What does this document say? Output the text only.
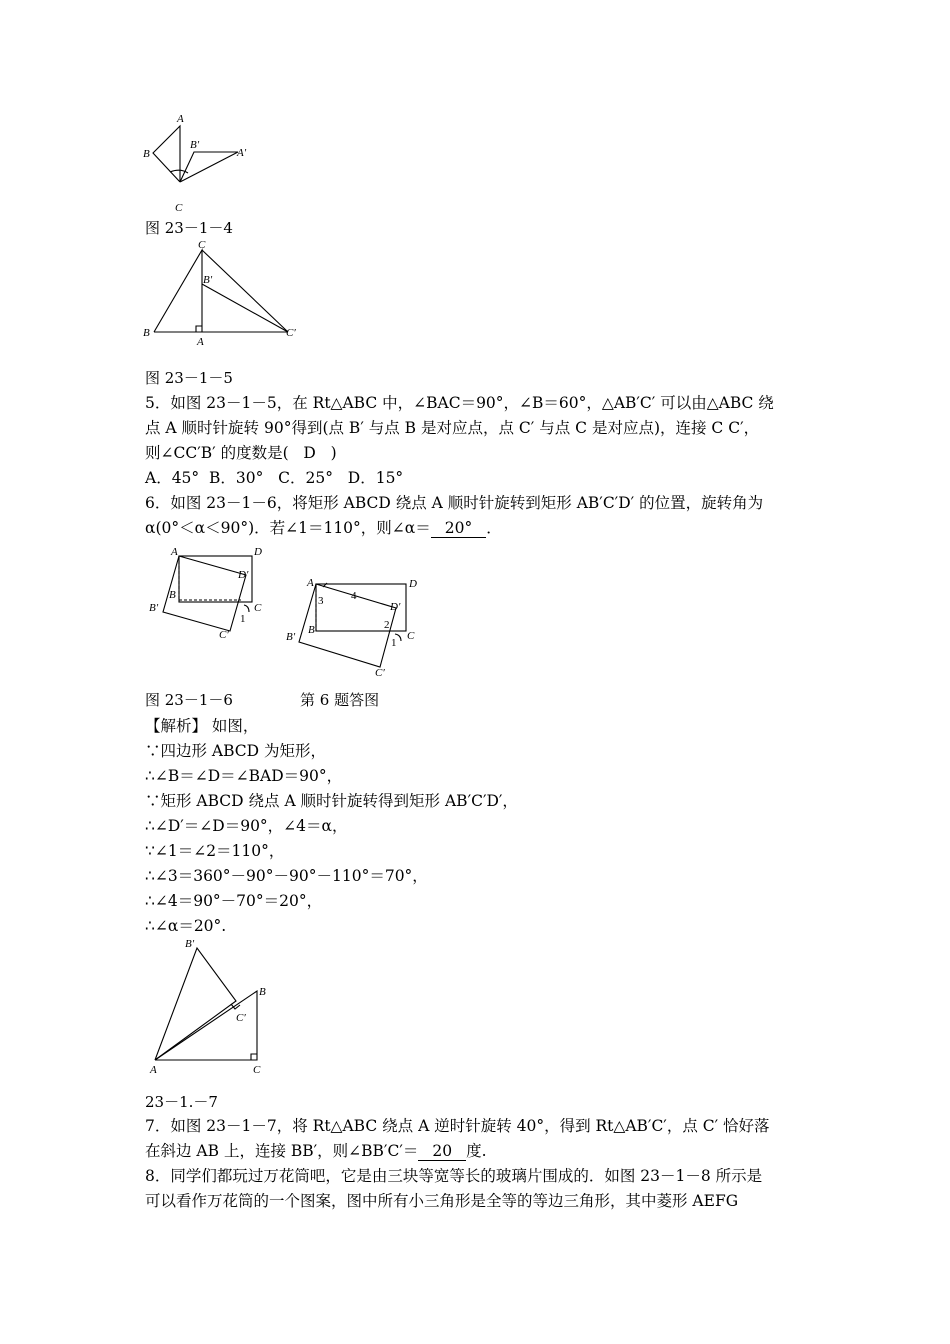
A
B
C
B′
A′
图 23－1－4
C
B′
B
A
C′
图 23－1－5
5．如图 23－1－5，在 Rt△ABC 中，∠BAC＝90°，∠B＝60°，△AB′C′ 可以由△ABC 绕
点 A 顺时针旋转 90°得到(点 B′ 与点 B 是对应点，点 C′ 与点 C 是对应点)，连接 C C′，
则∠CC′B′ 的度数是(   D   )
A．45°  B．30°   C．25°   D．15°
6．如图 23－1－6，将矩形 ABCD 绕点 A 顺时针旋转到矩形 AB′C′D′ 的位置，旋转角为
α(0°＜α＜90°)．若∠1＝110°，则∠α＝ 20° ．
A	D
D′
B
B′	C
1
C′
A	D
4
3	D′
2
B
B′	C
1
C′
图 23－1－6	第 6 题答图
【解析】 如图，
∵四边形 ABCD 为矩形，
∴∠B＝∠D＝∠BAD＝90°，
∵矩形 ABCD 绕点 A 顺时针旋转得到矩形 AB′C′D′，
∴∠D′＝∠D＝90°，∠4＝α，
∵∠1＝∠2＝110°，
∴∠3＝360°－90°－90°－110°＝70°，
∴∠4＝90°－70°＝20°，
∴∠α＝20°.
B′
B
C′
A	C
23－1.－7
7．如图 23－1－7，将 Rt△ABC 绕点 A 逆时针旋转 40°，得到 Rt△AB′C′，点 C′ 恰好落
在斜边 AB 上，连接 BB′，则∠BB′C′＝ 20 度.
8．同学们都玩过万花筒吧，它是由三块等宽等长的玻璃片围成的．如图 23－1－8 所示是
可以看作万花筒的一个图案，图中所有小三角形是全等的等边三角形，其中菱形 AEFG
